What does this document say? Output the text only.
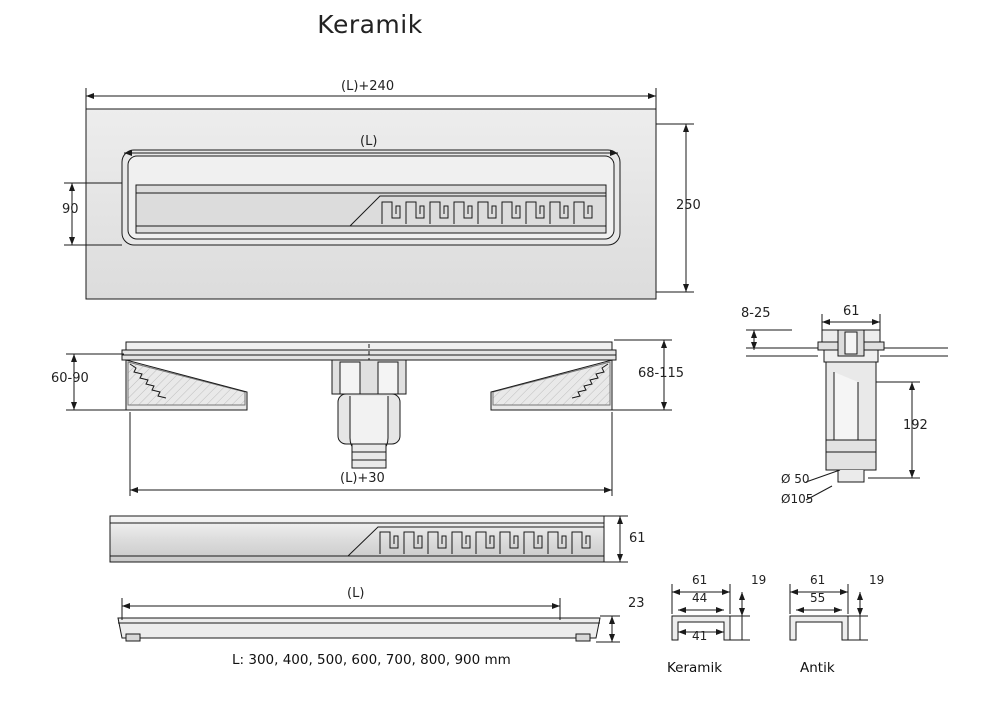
Keramik
(L)+240
(L)
90	250
60-90	68-115
(L)+30
61
(L)
23
L: 300, 400, 500, 600, 700, 800, 900 mm
8-25	61
192
Ø 50
Ø105
61
44
41
19	61
55
19
Keramik	Antik
